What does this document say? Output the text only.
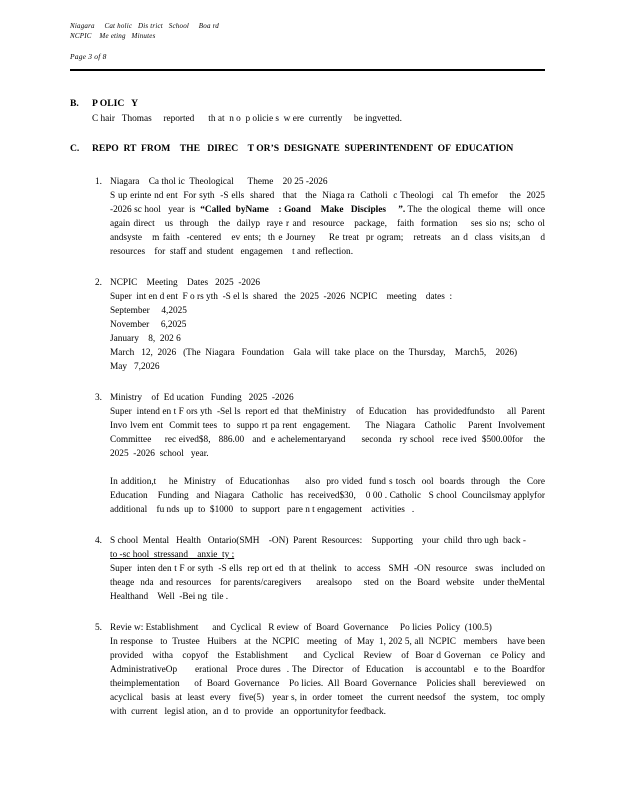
Niagara     Cat holic   Dis trict   School     Boa rd
NCPIC    Me eting   Minutes
Page 3 of 8
B.	P OLIC   Y
C hair   Thomas     reported      th at  n o  p olicie s  w ere  currently     be ingvetted.
C.	REPO  RT  FROM    THE   DIREC    T OR’S  DESIGNATE  SUPERINTENDENT  OF  EDUCATION
1. Niagara    Ca thol ic  Theological      Theme    20 25 -2026
S up erinte nd ent  For syth  -S ells  shared   that   the  Niaga ra  Catholi  c Theologi   cal  Th emefor    the  2025  -2026 sc hool   year  is  “Called  byName    : Goand    Make   Disciples     ”. The  the ological   theme   will  once  again direct   us  through   the  dailyp  raye r and  resource   package,   faith  formation    ses sio ns;  scho ol  andsyste   m faith  -centered   ev ents;  th e Journey    Re treat  pr ogram;   retreats   an d  class  visits,an   d  resources    for  staff and  student   engagemen    t and  reflection.
2. NCPIC    Meeting    Dates   2025  -2026
Super  int en d ent  F o rs yth  -S el ls  shared   the  2025  -2026  NCPIC    meeting    dates  :
September     4,2025
November     6,2025
January    8,  202 6
March   12,  2026   (The  Niagara   Foundation    Gala  will  take  place  on  the  Thursday,    March5,    2026)
May   7,2026
3. Ministry    of  Ed ucation   Funding   2025  -2026
Super  intend en t F ors yth  -Sel ls  report ed  that  theMinistry    of  Education    has  providedfundsto     all  Parent Invo lvem ent  Commit tees  to  suppo rt pa rent  engagement.     The  Niagara   Catholic    Parent  Involvement Committee     rec eived$8,   886.00   and  e achelementaryand      seconda   ry school   rece ived  $500.00for    the 2025  -2026  school   year.
In addition,t    he  Ministry   of  Educationhas     also  pro vided  fund s tosch  ool  boards  through   the  Core Education    Funding   and  Niagara   Catholic   has  received$30,    0 00 . Catholic   S chool  Councilsmay applyfor    additional    fu nds  up  to  $1000   to  support   pare n t engagement    activities   .
4. S chool  Mental   Health   Ontario(SMH    -ON)  Parent  Resources:    Supporting    your  child  thro ugh  back -
to -sc hool  stressand    anxie  ty ;
Super  inten den t F or syth  -S ells  rep ort ed  th at  thelink   to  access   SMH  -ON  resource   swas   included on  theage  nda  and resources   for parents/caregivers     arealsopo    sted  on  the  Board  website   under theMental    Healthand    Well  -Bei ng  tile .
5. Revie w: Establishment      and  Cyclical   R eview  of  Board  Governance     Po licies  Policy  (100.5)
In response   to  Trustee   Huibers   at  the  NCPIC   meeting   of  May  1, 202 5, all  NCPIC   members    have been  provided   witha   copyof   the  Establishment     and  Cyclical   Review   of  Boar d Governan   ce Policy  and  AdministrativeOp      erational   Proce dures  . The  Director   of  Education    is accountabl   e  to the  Boardfor   theimplementation      of  Board  Governance    Po licies.  All  Board  Governance    Policies shall   bereviewed    on  acyclical   basis  at  least  every   five(5)   year s, in  order  tomeet   the  current needsof   the  system,   toc omply   with  current   legisl ation,  an d  to  provide   an  opportunityfor feedback.
